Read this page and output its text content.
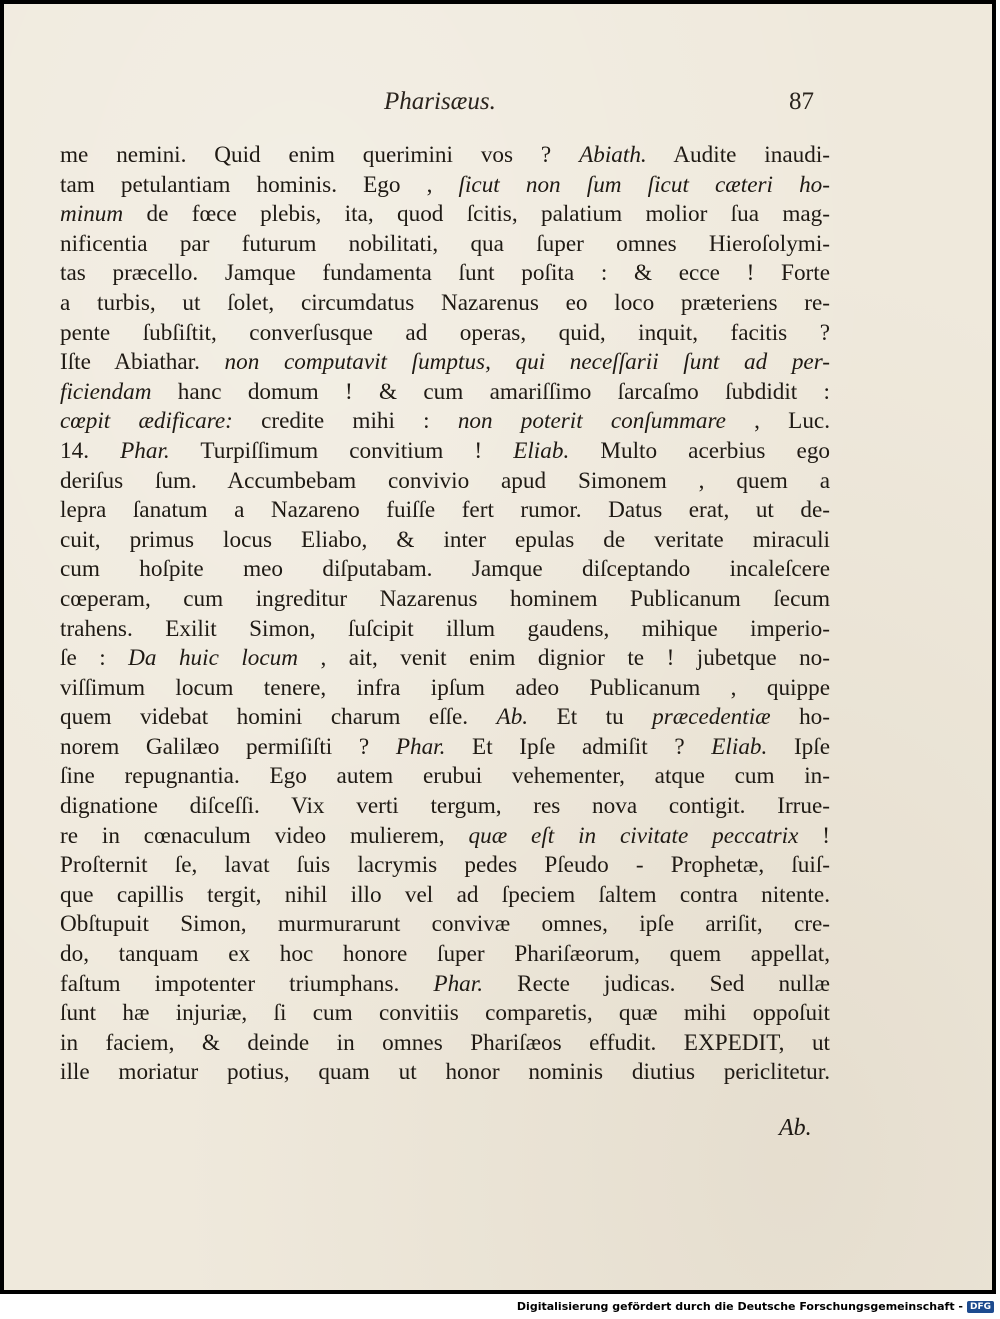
Pharisæus.	87
me nemini. Quid enim querimini vos ? Abiath. Audite inaudi-
tam petulantiam hominis. Ego , ſicut non ſum ſicut cæteri ho-
minum de fœce plebis, ita, quod ſcitis, palatium molior ſua mag-
nificentia par futurum nobilitati, qua ſuper omnes Hieroſolymi-
tas præcello. Jamque fundamenta ſunt poſita : & ecce ! Forte
a turbis, ut ſolet, circumdatus Nazarenus eo loco præteriens re-
pente ſubſiſtit, converſusque ad operas, quid, inquit, facitis ?
Iſte Abiathar. non computavit ſumptus, qui neceſſarii ſunt ad per-
ficiendam hanc domum ! & cum amariſſimo ſarcaſmo ſubdidit :
cœpit ædificare: credite mihi : non poterit conſummare , Luc.
14. Phar. Turpiſſimum convitium ! Eliab. Multo acerbius ego
deriſus ſum. Accumbebam convivio apud Simonem , quem a
lepra ſanatum a Nazareno fuiſſe fert rumor. Datus erat, ut de-
cuit, primus locus Eliabo, & inter epulas de veritate miraculi
cum hoſpite meo diſputabam. Jamque diſceptando incaleſcere
cœperam, cum ingreditur Nazarenus hominem Publicanum ſecum
trahens. Exilit Simon, ſuſcipit illum gaudens, mihique imperio-
ſe : Da huic locum , ait, venit enim dignior te ! jubetque no-
viſſimum locum tenere, infra ipſum adeo Publicanum , quippe
quem videbat homini charum eſſe. Ab. Et tu præcedentiæ ho-
norem Galilæo permiſiſti ? Phar. Et Ipſe admiſit ? Eliab. Ipſe
ſine repugnantia. Ego autem erubui vehementer, atque cum in-
dignatione diſceſſi. Vix verti tergum, res nova contigit. Irrue-
re in cœnaculum video mulierem, quæ eſt in civitate peccatrix !
Proſternit ſe, lavat ſuis lacrymis pedes Pſeudo - Prophetæ, ſuiſ-
que capillis tergit, nihil illo vel ad ſpeciem ſaltem contra nitente.
Obſtupuit Simon, murmurarunt convivæ omnes, ipſe arriſit, cre-
do, tanquam ex hoc honore ſuper Phariſæorum, quem appellat,
faſtum impotenter triumphans. Phar. Recte judicas. Sed nullæ
ſunt hæ injuriæ, ſi cum convitiis comparetis, quæ mihi oppoſuit
in faciem, & deinde in omnes Phariſæos effudit. EXPEDIT, ut
ille moriatur potius, quam ut honor nominis diutius periclitetur.
Ab.
Digitalisierung gefördert durch die Deutsche Forschungsgemeinschaft - DFG
